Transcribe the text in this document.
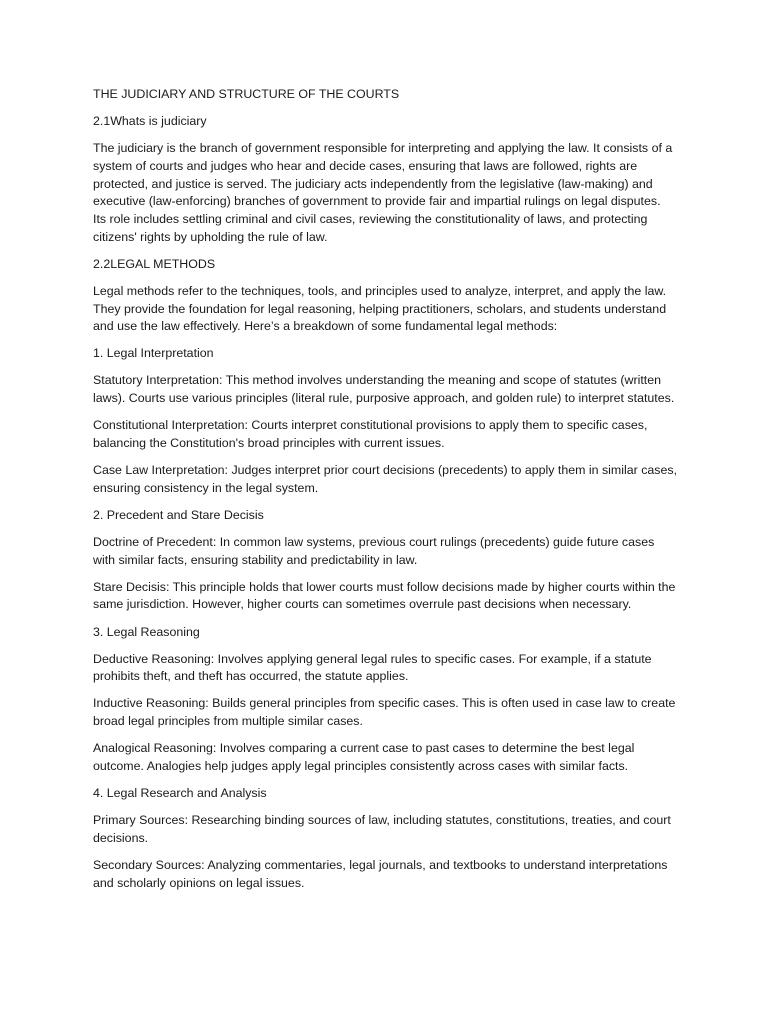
THE JUDICIARY AND STRUCTURE OF THE COURTS

2.1Whats is judiciary

The judiciary is the branch of government responsible for interpreting and applying the law. It consists of a system of courts and judges who hear and decide cases, ensuring that laws are followed, rights are protected, and justice is served. The judiciary acts independently from the legislative (law-making) and executive (law-enforcing) branches of government to provide fair and impartial rulings on legal disputes. Its role includes settling criminal and civil cases, reviewing the constitutionality of laws, and protecting citizens' rights by upholding the rule of law.

2.2LEGAL METHODS

Legal methods refer to the techniques, tools, and principles used to analyze, interpret, and apply the law. They provide the foundation for legal reasoning, helping practitioners, scholars, and students understand and use the law effectively. Here’s a breakdown of some fundamental legal methods:

1. Legal Interpretation

Statutory Interpretation: This method involves understanding the meaning and scope of statutes (written laws). Courts use various principles (literal rule, purposive approach, and golden rule) to interpret statutes.

Constitutional Interpretation: Courts interpret constitutional provisions to apply them to specific cases, balancing the Constitution's broad principles with current issues.

Case Law Interpretation: Judges interpret prior court decisions (precedents) to apply them in similar cases, ensuring consistency in the legal system.

2. Precedent and Stare Decisis

Doctrine of Precedent: In common law systems, previous court rulings (precedents) guide future cases with similar facts, ensuring stability and predictability in law.

Stare Decisis: This principle holds that lower courts must follow decisions made by higher courts within the same jurisdiction. However, higher courts can sometimes overrule past decisions when necessary.

3. Legal Reasoning

Deductive Reasoning: Involves applying general legal rules to specific cases. For example, if a statute prohibits theft, and theft has occurred, the statute applies.

Inductive Reasoning: Builds general principles from specific cases. This is often used in case law to create broad legal principles from multiple similar cases.

Analogical Reasoning: Involves comparing a current case to past cases to determine the best legal outcome. Analogies help judges apply legal principles consistently across cases with similar facts.

4. Legal Research and Analysis

Primary Sources: Researching binding sources of law, including statutes, constitutions, treaties, and court decisions.

Secondary Sources: Analyzing commentaries, legal journals, and textbooks to understand interpretations and scholarly opinions on legal issues.
